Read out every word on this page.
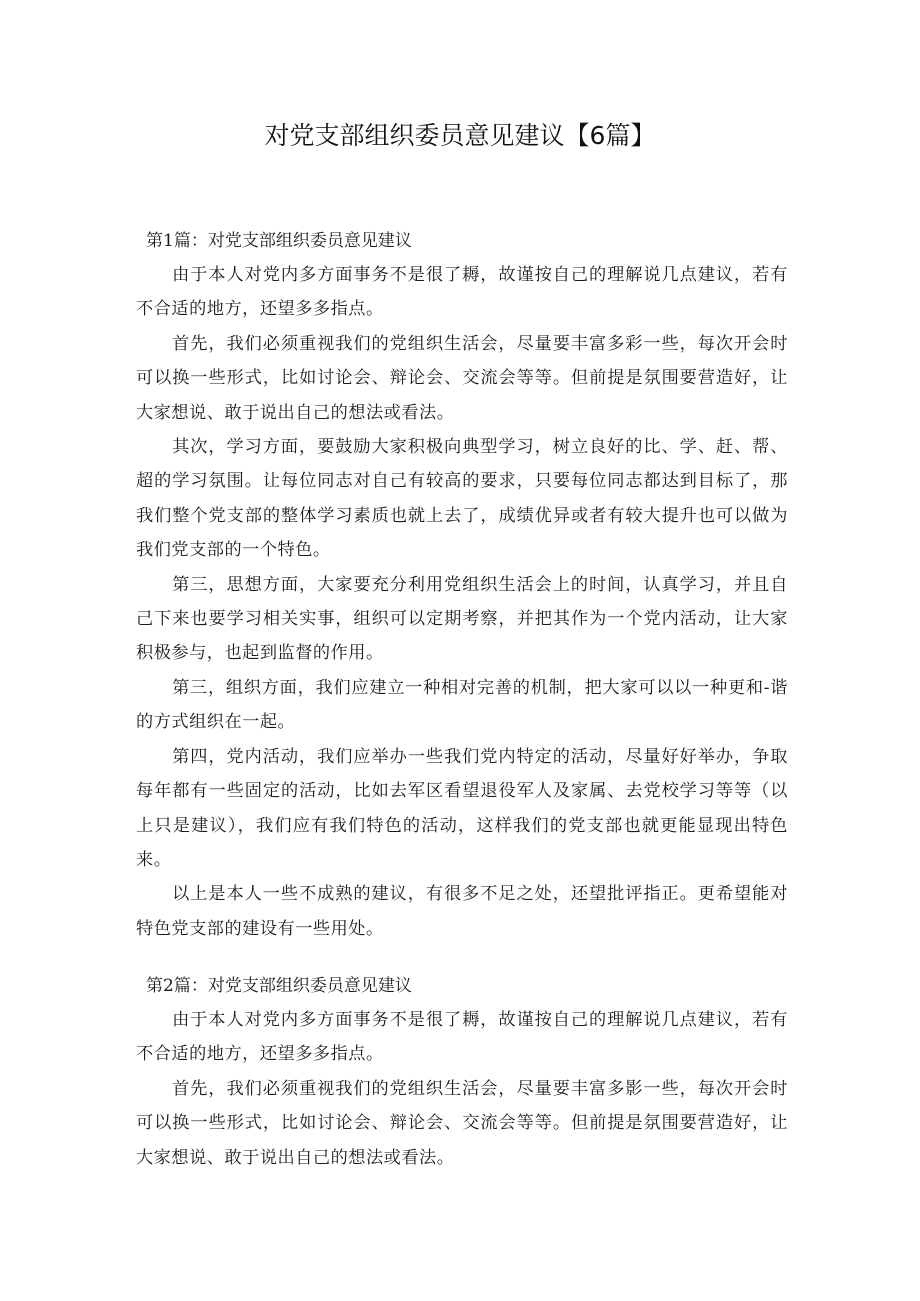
对党支部组织委员意见建议【6篇】
第1篇：对党支部组织委员意见建议

由于本人对党内多方面事务不是很了耨，故谨按自己的理解说几点建议，若有不合适的地方，还望多多指点。

首先，我们必须重视我们的党组织生活会，尽量要丰富多彩一些，每次开会时可以换一些形式，比如讨论会、辩论会、交流会等等。但前提是氛围要营造好，让大家想说、敢于说出自己的想法或看法。

其次，学习方面，要鼓励大家积极向典型学习，树立良好的比、学、赶、帮、超的学习氛围。让每位同志对自己有较高的要求，只要每位同志都达到目标了，那我们整个党支部的整体学习素质也就上去了，成绩优异或者有较大提升也可以做为我们党支部的一个特色。

第三，思想方面，大家要充分利用党组织生活会上的时间，认真学习，并且自己下来也要学习相关实事，组织可以定期考察，并把其作为一个党内活动，让大家积极参与，也起到监督的作用。

第三，组织方面，我们应建立一种相对完善的机制，把大家可以以一种更和-谐的方式组织在一起。

第四，党内活动，我们应举办一些我们党内特定的活动，尽量好好举办，争取每年都有一些固定的活动，比如去军区看望退役军人及家属、去党校学习等等（以上只是建议），我们应有我们特色的活动，这样我们的党支部也就更能显现出特色来。

以上是本人一些不成熟的建议，有很多不足之处，还望批评指正。更希望能对特色党支部的建设有一些用处。

第2篇：对党支部组织委员意见建议

由于本人对党内多方面事务不是很了耨，故谨按自己的理解说几点建议，若有不合适的地方，还望多多指点。

首先，我们必须重视我们的党组织生活会，尽量要丰富多影一些，每次开会时可以换一些形式，比如讨论会、辩论会、交流会等等。但前提是氛围要营造好，让大家想说、敢于说出自己的想法或看法。
